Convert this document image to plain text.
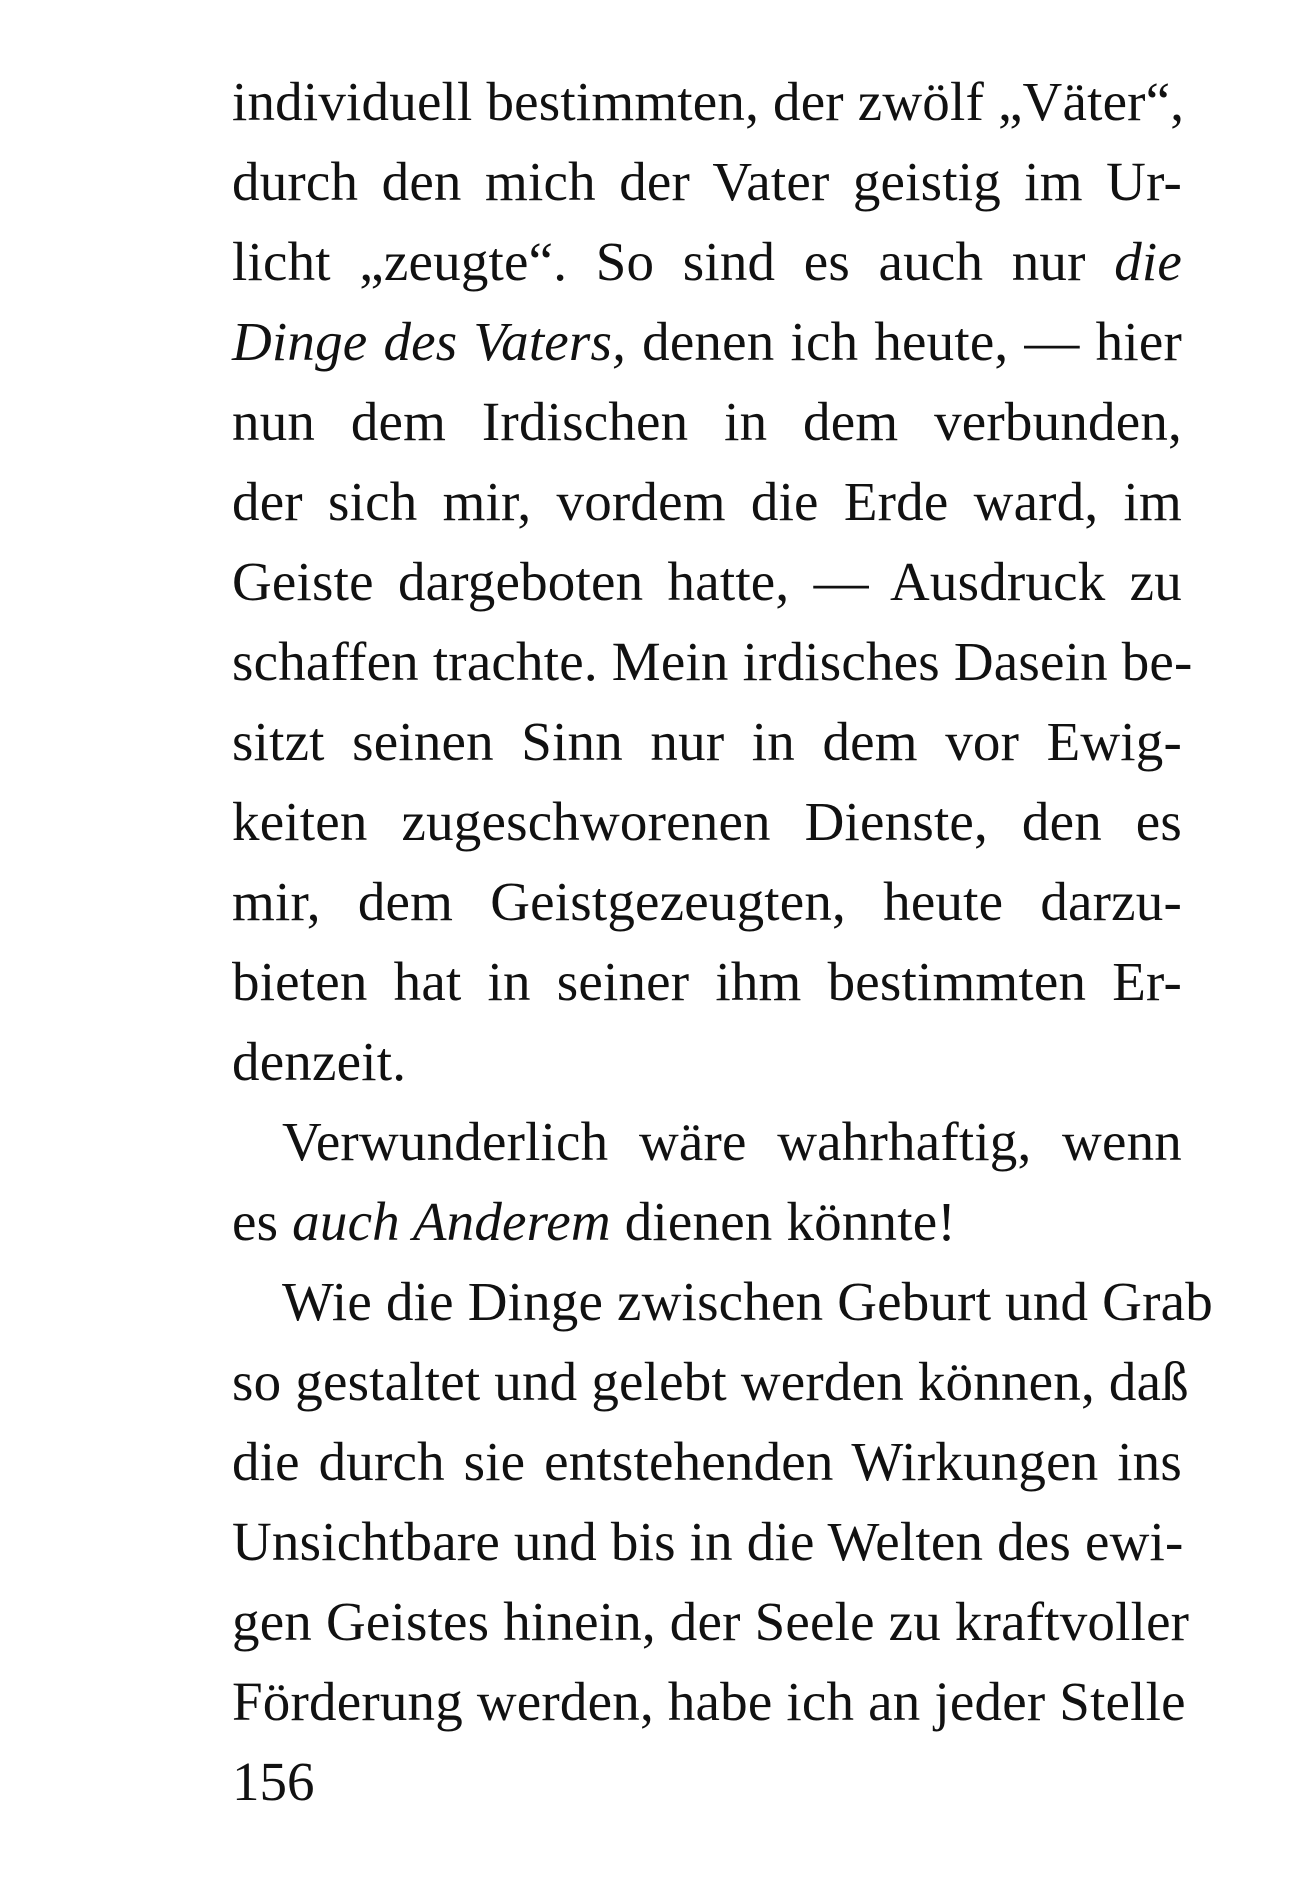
individuell bestimmten, der zwölf „Väter“,
durch den mich der Vater geistig im Ur-
licht „zeugte“. So sind es auch nur die
Dinge des Vaters, denen ich heute, — hier
nun dem Irdischen in dem verbunden,
der sich mir, vordem die Erde ward, im
Geiste dargeboten hatte, — Ausdruck zu
schaffen trachte. Mein irdisches Dasein be-
sitzt seinen Sinn nur in dem vor Ewig-
keiten zugeschworenen Dienste, den es
mir, dem Geistgezeugten, heute darzu-
bieten hat in seiner ihm bestimmten Er-
denzeit.
Verwunderlich wäre wahrhaftig, wenn
es auch Anderem dienen könnte!
Wie die Dinge zwischen Geburt und Grab
so gestaltet und gelebt werden können, daß
die durch sie entstehenden Wirkungen ins
Unsichtbare und bis in die Welten des ewi-
gen Geistes hinein, der Seele zu kraftvoller
Förderung werden, habe ich an jeder Stelle
156
